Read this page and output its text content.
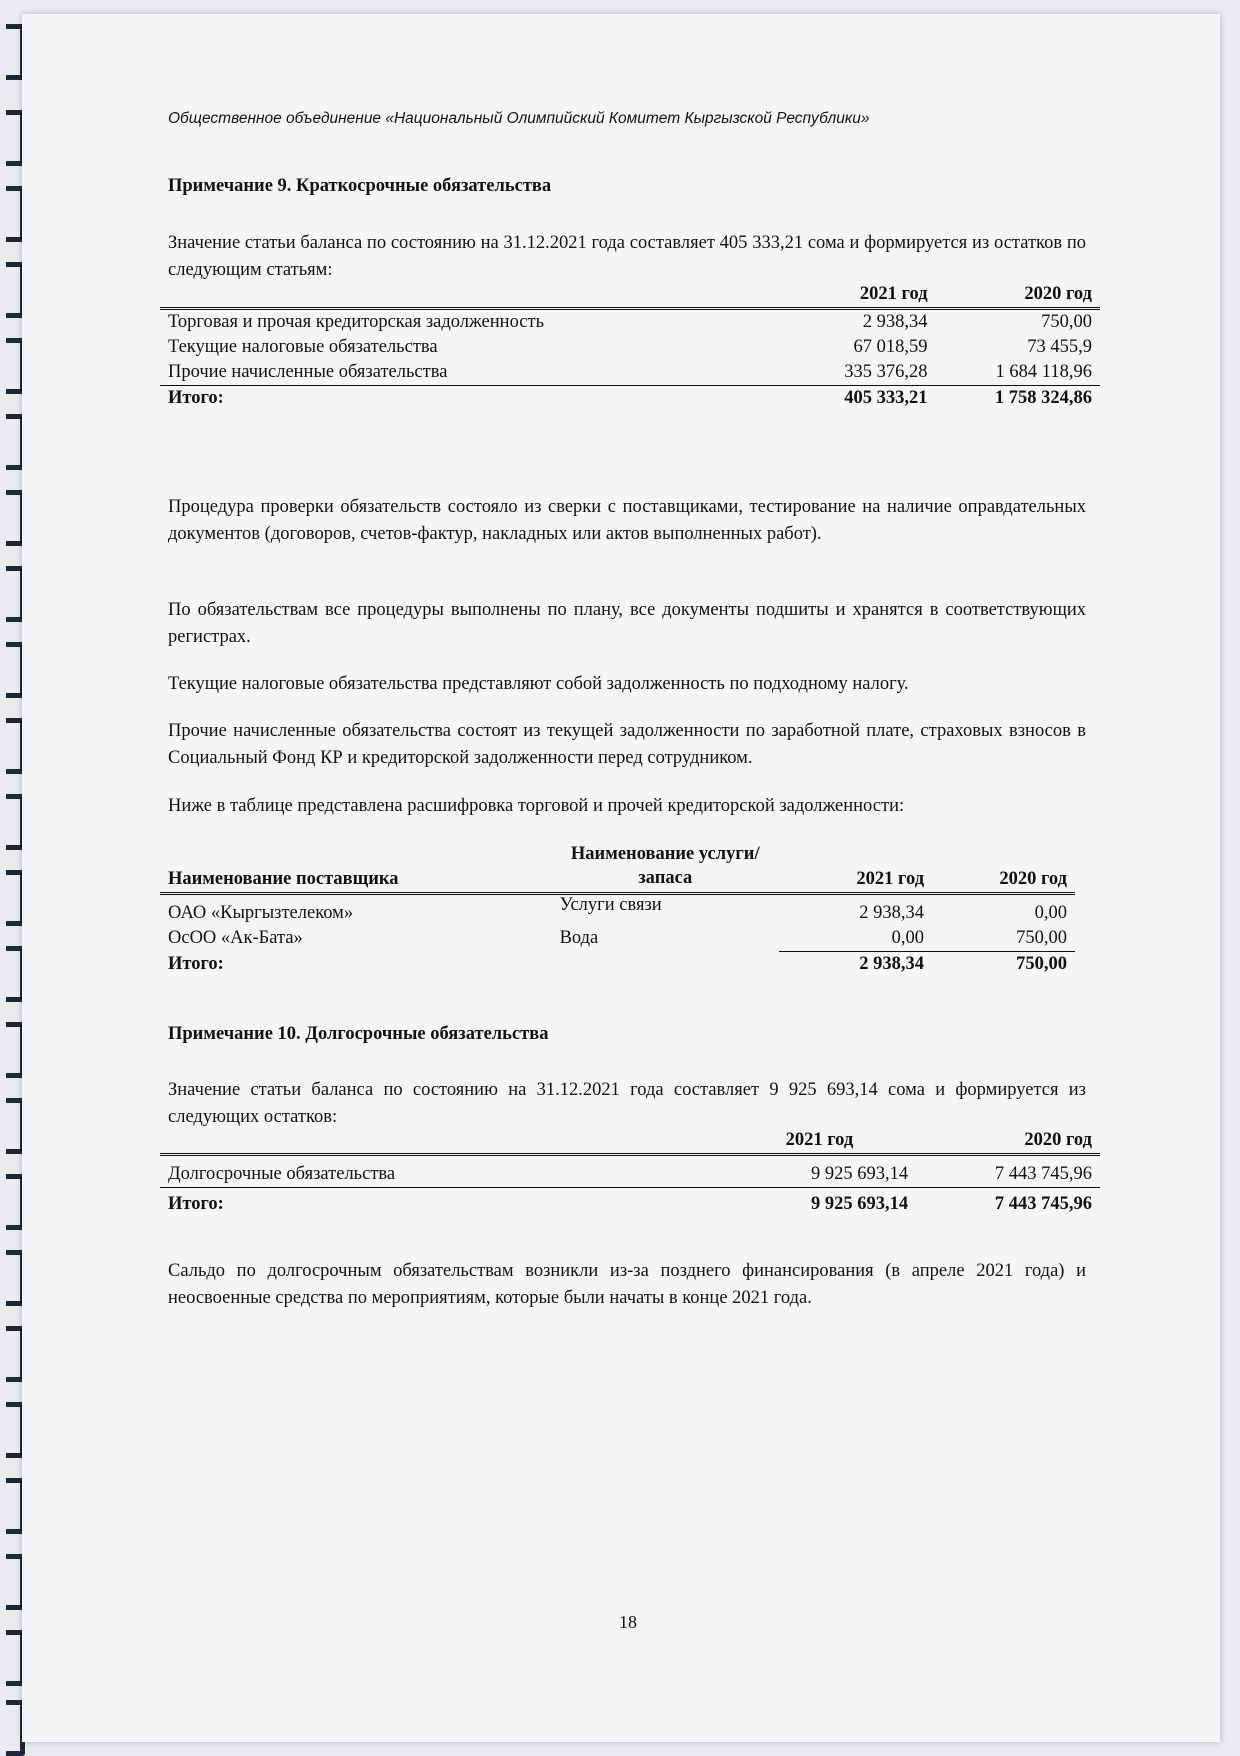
Общественное объединение «Национальный Олимпийский Комитет Кыргызской Республики»
Примечание 9. Краткосрочные обязательства
Значение статьи баланса по состоянию на 31.12.2021 года составляет 405 333,21 сома и формируется из остатков по следующим статьям:
	2021 год	2020 год
Торговая и прочая кредиторская задолженность	2 938,34	750,00
Текущие налоговые обязательства	67 018,59	73 455,9
Прочие начисленные обязательства	335 376,28	1 684 118,96
Итого:	405 333,21	1 758 324,86
Процедура проверки обязательств состояло из сверки с поставщиками, тестирование на наличие оправдательных документов (договоров, счетов-фактур, накладных или актов выполненных работ).
По обязательствам все процедуры выполнены по плану, все документы подшиты и хранятся в соответствующих регистрах.
Текущие налоговые обязательства представляют собой задолженность по подходному налогу.
Прочие начисленные обязательства состоят из текущей задолженности по заработной плате, страховых взносов в Социальный Фонд КР и кредиторской задолженности перед сотрудником.
Ниже в таблице представлена расшифровка торговой и прочей кредиторской задолженности:
Наименование поставщика	Наименование услуги/ запаса	2021 год	2020 год
ОАО «Кыргызтелеком»	Услуги связи	2 938,34	0,00
ОсОО «Ак-Бата»	Вода	0,00	750,00
Итого:		2 938,34	750,00
Примечание 10. Долгосрочные обязательства
Значение статьи баланса по состоянию на 31.12.2021 года составляет 9 925 693,14 сома и формируется из следующих остатков:
	2021 год	2020 год
Долгосрочные обязательства	9 925 693,14	7 443 745,96
Итого:	9 925 693,14	7 443 745,96
Сальдо по долгосрочным обязательствам возникли из-за позднего финансирования (в апреле 2021 года) и неосвоенные средства по мероприятиям, которые были начаты в конце 2021 года.
18
